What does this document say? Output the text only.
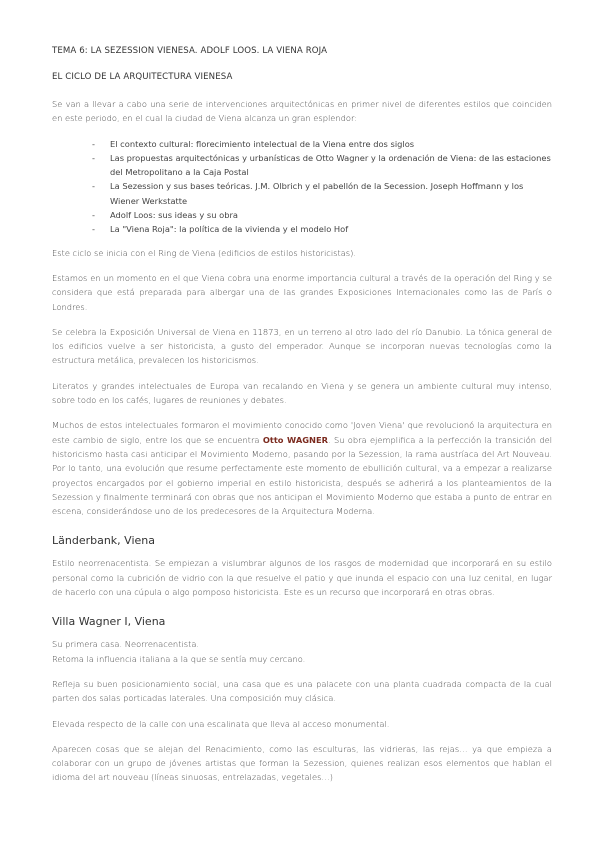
TEMA 6: LA SEZESSION VIENESA. ADOLF LOOS. LA VIENA ROJA
EL CICLO DE LA ARQUITECTURA VIENESA

Se van a llevar a cabo una serie de intervenciones arquitectónicas en primer nivel de diferentes estilos que coinciden en este periodo, en el cual la ciudad de Viena alcanza un gran esplendor:

- El contexto cultural: florecimiento intelectual de la Viena entre dos siglos
- Las propuestas arquitectónicas y urbanísticas de Otto Wagner y la ordenación de Viena: de las estaciones del Metropolitano a la Caja Postal
- La Sezession y sus bases teóricas. J.M. Olbrich y el pabellón de la Secession. Joseph Hoffmann y los Wiener Werkstatte
- Adolf Loos: sus ideas y su obra
- La "Viena Roja": la política de la vivienda y el modelo Hof

Este ciclo se inicia con el Ring de Viena (edificios de estilos historicistas).

Estamos en un momento en el que Viena cobra una enorme importancia cultural a través de la operación del Ring y se considera que está preparada para albergar una de las grandes Exposiciones Internacionales como las de París o Londres.

Se celebra la Exposición Universal de Viena en 11873, en un terreno al otro lado del río Danubio. La tónica general de los edificios vuelve a ser historicista, a gusto del emperador. Aunque se incorporan nuevas tecnologías como la estructura metálica, prevalecen los historicismos.

Literatos y grandes intelectuales de Europa van recalando en Viena y se genera un ambiente cultural muy intenso, sobre todo en los cafés, lugares de reuniones y debates.

Muchos de estos intelectuales formaron el movimiento conocido como 'Joven Viena' que revolucionó la arquitectura en este cambio de siglo, entre los que se encuentra Otto WAGNER. Su obra ejemplifica a la perfección la transición del historicismo hasta casi anticipar el Movimiento Moderno, pasando por la Sezession, la rama austríaca del Art Nouveau. Por lo tanto, una evolución que resume perfectamente este momento de ebullición cultural, va a empezar a realizarse proyectos encargados por el gobierno imperial en estilo historicista, después se adherirá a los planteamientos de la Sezession y finalmente terminará con obras que nos anticipan el Movimiento Moderno que estaba a punto de entrar en escena, considerándose uno de los predecesores de la Arquitectura Moderna.

Länderbank, Viena

Estilo neorrenacentista. Se empiezan a vislumbrar algunos de los rasgos de modernidad que incorporará en su estilo personal como la cubrición de vidrio con la que resuelve el patio y que inunda el espacio con una luz cenital, en lugar de hacerlo con una cúpula o algo pomposo historicista. Este es un recurso que incorporará en otras obras.

Villa Wagner I, Viena

Su primera casa. Neorrenacentista.

Retoma la influencia italiana a la que se sentía muy cercano.

Refleja su buen posicionamiento social, una casa que es una palacete con una planta cuadrada compacta de la cual parten dos salas porticadas laterales. Una composición muy clásica.

Elevada respecto de la calle con una escalinata que lleva al acceso monumental.

Aparecen cosas que se alejan del Renacimiento, como las esculturas, las vidrieras, las rejas… ya que empieza a colaborar con un grupo de jóvenes artistas que forman la Sezession, quienes realizan esos elementos que hablan el idioma del art nouveau (líneas sinuosas, entrelazadas, vegetales…)
